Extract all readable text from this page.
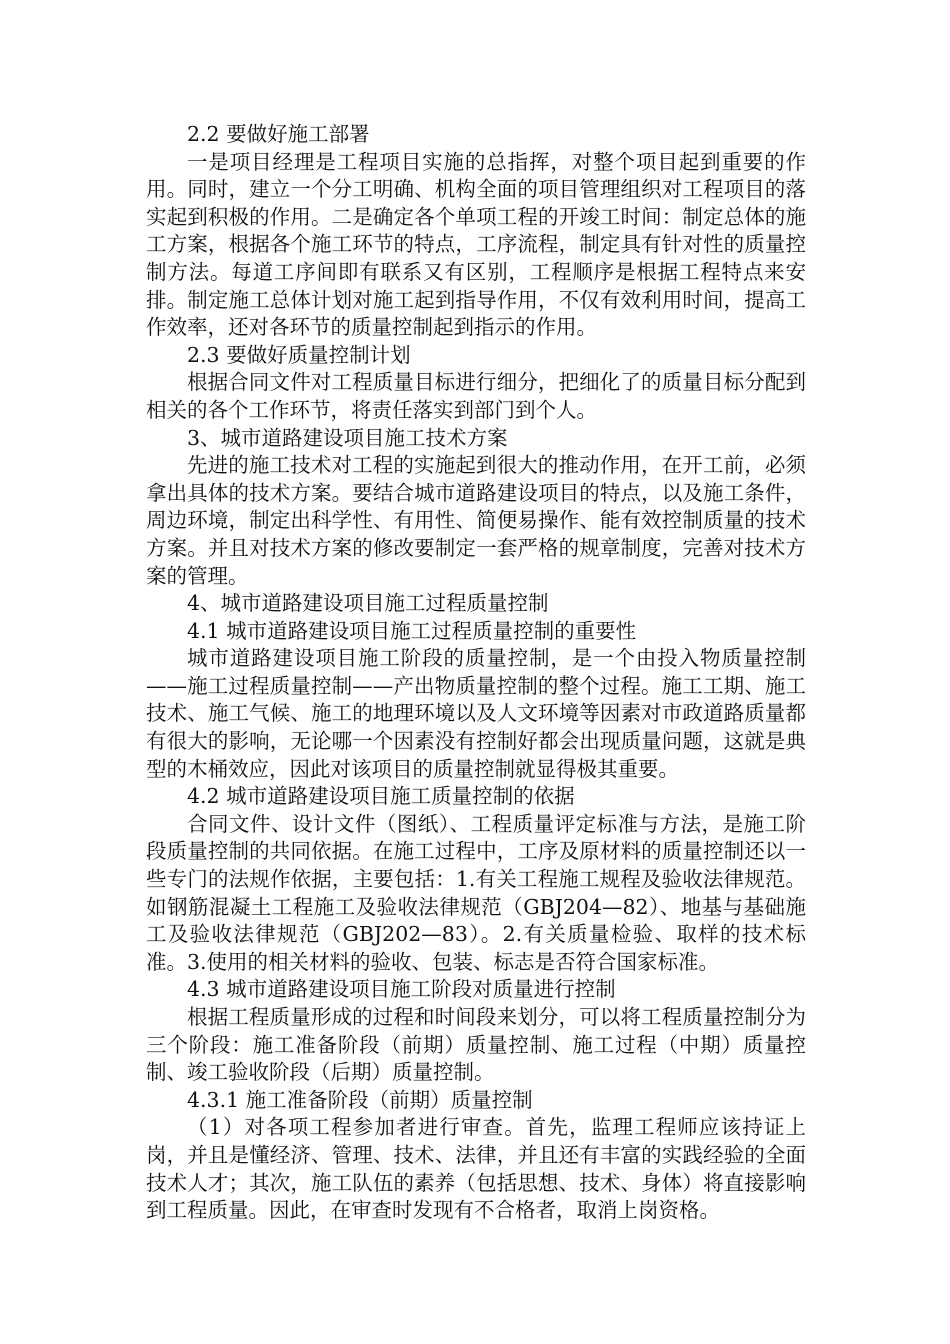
2.2 要做好施工部署

一是项目经理是工程项目实施的总指挥，对整个项目起到重要的作用。同时，建立一个分工明确、机构全面的项目管理组织对工程项目的落实起到积极的作用。二是确定各个单项工程的开竣工时间：制定总体的施工方案，根据各个施工环节的特点，工序流程，制定具有针对性的质量控制方法。每道工序间即有联系又有区别，工程顺序是根据工程特点来安排。制定施工总体计划对施工起到指导作用，不仅有效利用时间，提高工作效率，还对各环节的质量控制起到指示的作用。

2.3 要做好质量控制计划

根据合同文件对工程质量目标进行细分，把细化了的质量目标分配到相关的各个工作环节，将责任落实到部门到个人。

3、城市道路建设项目施工技术方案

先进的施工技术对工程的实施起到很大的推动作用，在开工前，必须拿出具体的技术方案。要结合城市道路建设项目的特点，以及施工条件，周边环境，制定出科学性、有用性、简便易操作、能有效控制质量的技术方案。并且对技术方案的修改要制定一套严格的规章制度，完善对技术方案的管理。

4、城市道路建设项目施工过程质量控制

4.1 城市道路建设项目施工过程质量控制的重要性

城市道路建设项目施工阶段的质量控制，是一个由投入物质量控制——施工过程质量控制——产出物质量控制的整个过程。施工工期、施工技术、施工气候、施工的地理环境以及人文环境等因素对市政道路质量都有很大的影响，无论哪一个因素没有控制好都会出现质量问题，这就是典型的木桶效应，因此对该项目的质量控制就显得极其重要。

4.2 城市道路建设项目施工质量控制的依据

合同文件、设计文件（图纸）、工程质量评定标准与方法，是施工阶段质量控制的共同依据。在施工过程中，工序及原材料的质量控制还以一些专门的法规作依据，主要包括：1.有关工程施工规程及验收法律规范。如钢筋混凝土工程施工及验收法律规范（GBJ204—82）、地基与基础施工及验收法律规范（GBJ202—83）。2.有关质量检验、取样的技术标准。3.使用的相关材料的验收、包装、标志是否符合国家标准。

4.3 城市道路建设项目施工阶段对质量进行控制

根据工程质量形成的过程和时间段来划分，可以将工程质量控制分为三个阶段：施工准备阶段（前期）质量控制、施工过程（中期）质量控制、竣工验收阶段（后期）质量控制。

4.3.1 施工准备阶段（前期）质量控制

（1）对各项工程参加者进行审查。首先，监理工程师应该持证上岗，并且是懂经济、管理、技术、法律，并且还有丰富的实践经验的全面技术人才；其次，施工队伍的素养（包括思想、技术、身体）将直接影响到工程质量。因此，在审查时发现有不合格者，取消上岗资格。
